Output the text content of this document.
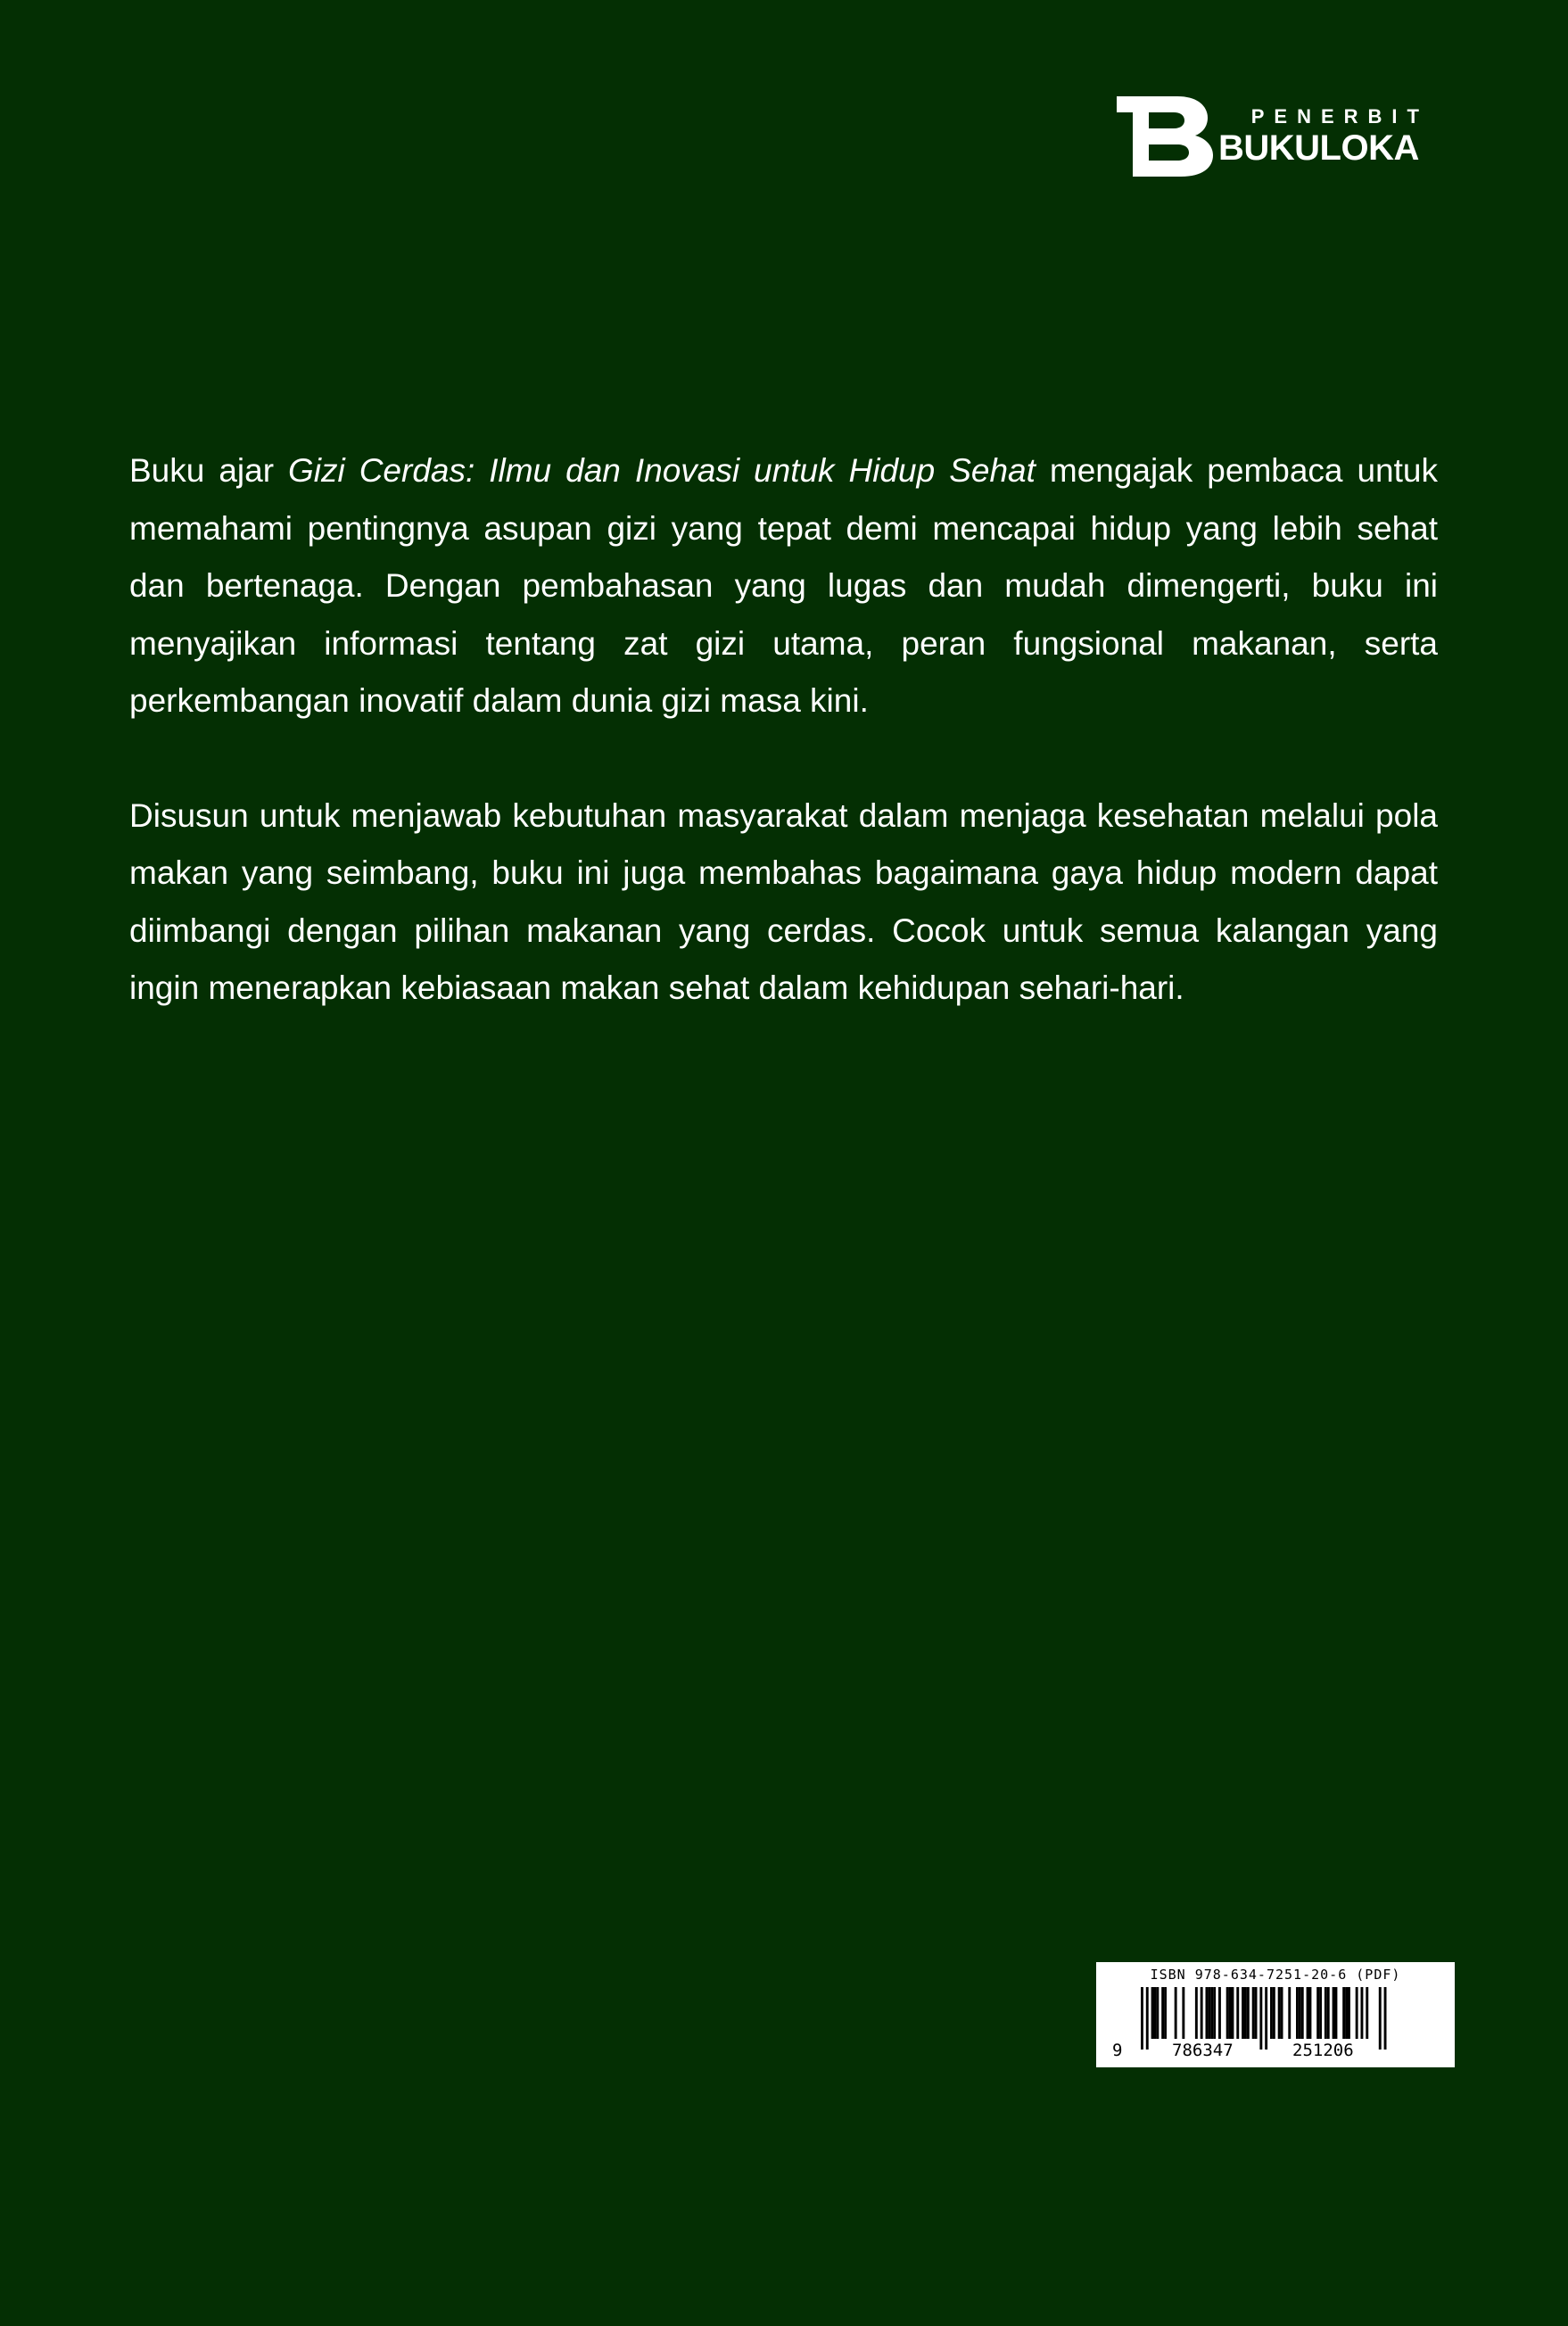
PENERBIT
BUKULOKA

Buku ajar Gizi Cerdas: Ilmu dan Inovasi untuk Hidup Sehat mengajak pembaca untuk memahami pentingnya asupan gizi yang tepat demi mencapai hidup yang lebih sehat dan bertenaga. Dengan pembahasan yang lugas dan mudah dimengerti, buku ini menyajikan informasi tentang zat gizi utama, peran fungsional makanan, serta perkembangan inovatif dalam dunia gizi masa kini.

Disusun untuk menjawab kebutuhan masyarakat dalam menjaga kesehatan melalui pola makan yang seimbang, buku ini juga membahas bagaimana gaya hidup modern dapat diimbangi dengan pilihan makanan yang cerdas. Cocok untuk semua kalangan yang ingin menerapkan kebiasaan makan sehat dalam kehidupan sehari-hari.

ISBN 978-634-7251-20-6 (PDF)
9	786347	251206
